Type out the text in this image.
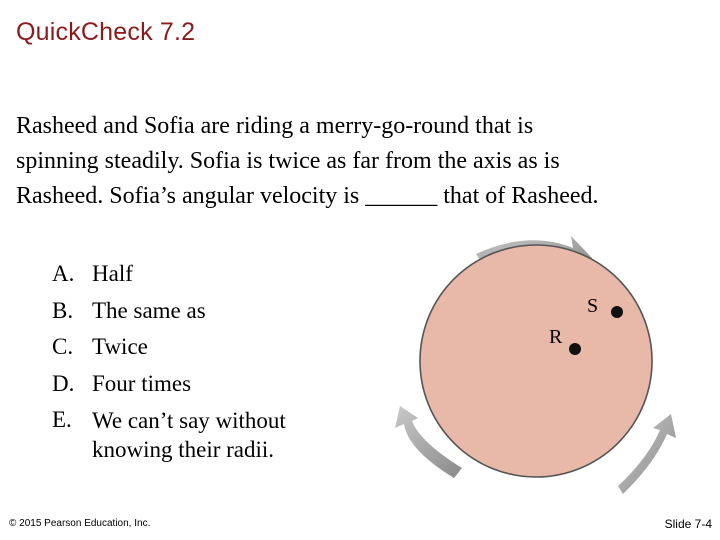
QuickCheck 7.2
Rasheed and Sofia are riding a merry-go-round that is
spinning steadily. Sofia is twice as far from the axis as is
Rasheed. Sofia’s angular velocity is ______ that of Rasheed.
A. Half
B. The same as
C. Twice
D. Four times
E. We can’t say without knowing their radii.
S
R
© 2015 Pearson Education, Inc.	Slide 7-4
